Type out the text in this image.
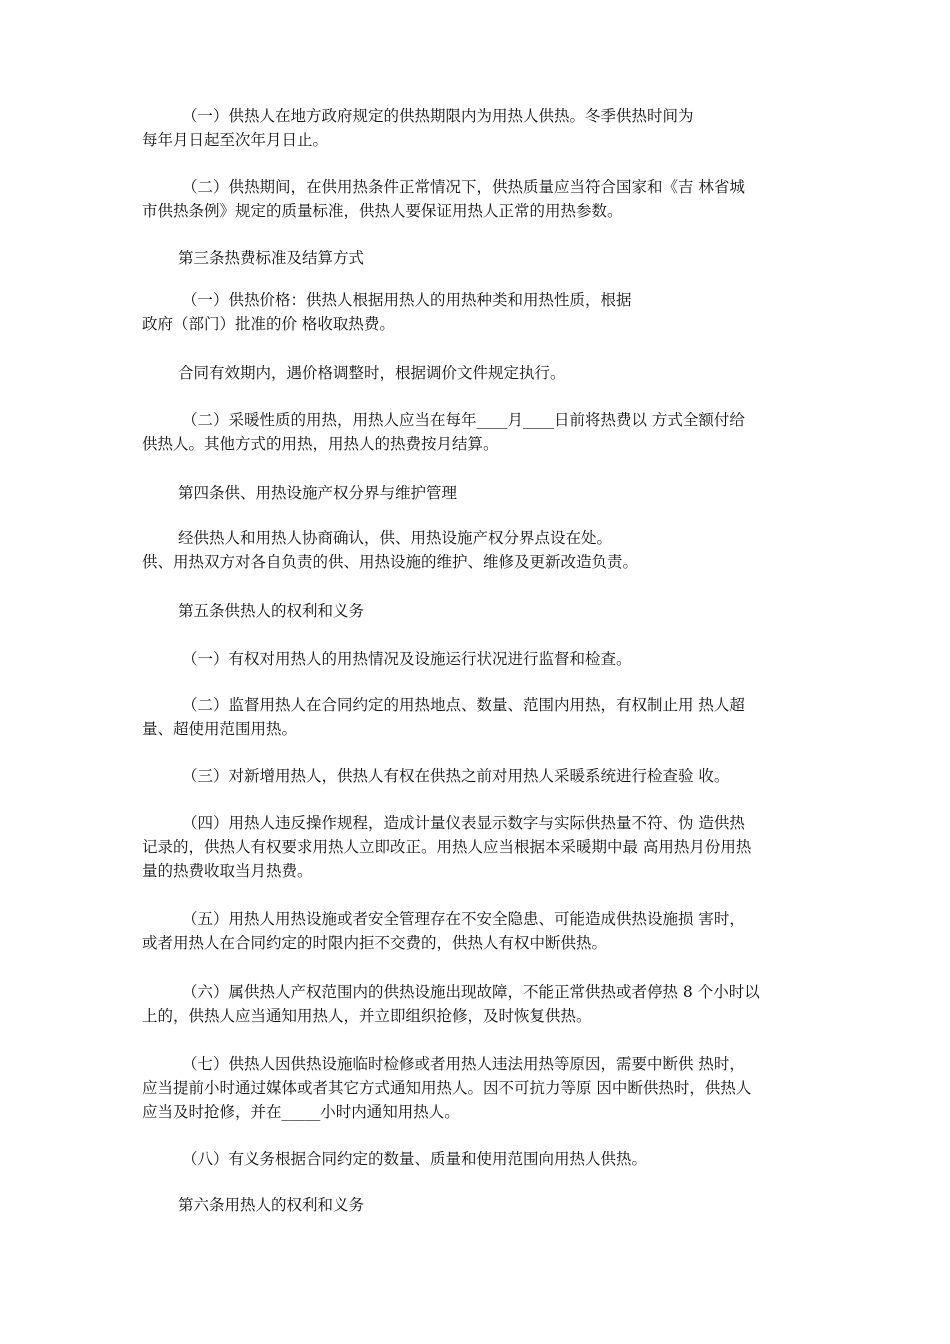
（一）供热人在地方政府规定的供热期限内为用热人供热。冬季供热时间为
每年月日起至次年月日止。

（二）供热期间，在供用热条件正常情况下，供热质量应当符合国家和《吉 林省城
市供热条例》规定的质量标准，供热人要保证用热人正常的用热参数。

第三条热费标准及结算方式

（一）供热价格：供热人根据用热人的用热种类和用热性质，根据
政府（部门）批准的价 格收取热费。

合同有效期内，遇价格调整时，根据调价文件规定执行。

（二）采暖性质的用热，用热人应当在每年____月____日前将热费以 方式全额付给
供热人。其他方式的用热，用热人的热费按月结算。

第四条供、用热设施产权分界与维护管理

经供热人和用热人协商确认，供、用热设施产权分界点设在处。
供、用热双方对各自负责的供、用热设施的维护、维修及更新改造负责。

第五条供热人的权利和义务

（一）有权对用热人的用热情况及设施运行状况进行监督和检查。

（二）监督用热人在合同约定的用热地点、数量、范围内用热，有权制止用 热人超
量、超使用范围用热。

（三）对新增用热人，供热人有权在供热之前对用热人采暖系统进行检查验 收。

（四）用热人违反操作规程，造成计量仪表显示数字与实际供热量不符、伪 造供热
记录的，供热人有权要求用热人立即改正。用热人应当根据本采暖期中最 高用热月份用热
量的热费收取当月热费。

（五）用热人用热设施或者安全管理存在不安全隐患、可能造成供热设施损 害时，
或者用热人在合同约定的时限内拒不交费的，供热人有权中断供热。

（六）属供热人产权范围内的供热设施出现故障，不能正常供热或者停热 8 个小时以
上的，供热人应当通知用热人，并立即组织抢修，及时恢复供热。

（七）供热人因供热设施临时检修或者用热人违法用热等原因，需要中断供 热时，
应当提前小时通过媒体或者其它方式通知用热人。因不可抗力等原 因中断供热时，供热人
应当及时抢修，并在_____小时内通知用热人。

（八）有义务根据合同约定的数量、质量和使用范围向用热人供热。

第六条用热人的权利和义务
